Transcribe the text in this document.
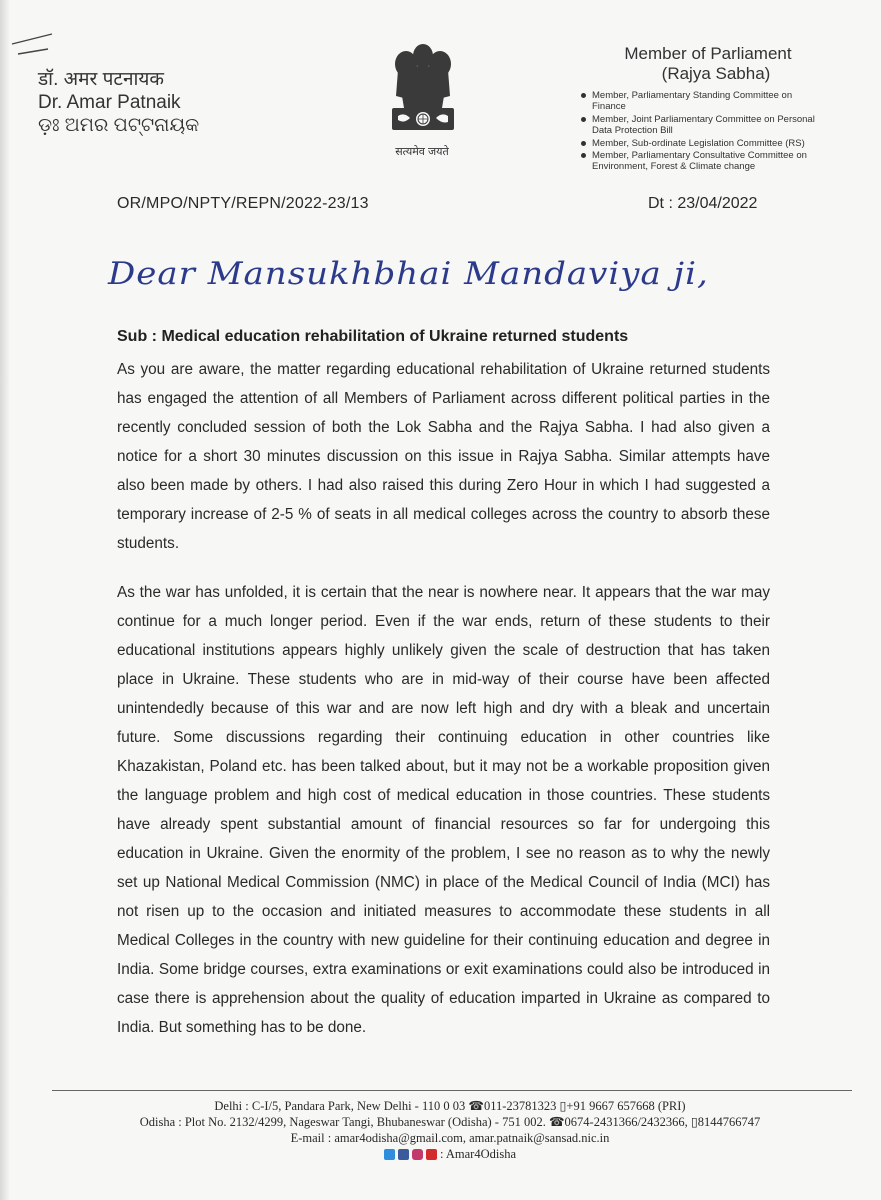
डॉ. अमर पटनायक
Dr. Amar Patnaik
ଡ଼ଃ ଅମର ପଟ୍ଟନାୟକ
सत्यमेव जयते
Member of Parliament
(Rajya Sabha)
Member, Parliamentary Standing Committee on Finance
Member, Joint Parliamentary Committee on Personal Data Protection Bill
Member, Sub-ordinate Legislation Committee (RS)
Member, Parliamentary Consultative Committee on Environment, Forest & Climate change
OR/MPO/NPTY/REPN/2022-23/13	Dt : 23/04/2022
Dear Mansukhbhai Mandaviya ji,
Sub : Medical education rehabilitation of Ukraine returned students
As you are aware, the matter regarding educational rehabilitation of Ukraine returned students has engaged the attention of all Members of Parliament across different political parties in the recently concluded session of both the Lok Sabha and the Rajya Sabha. I had also given a notice for a short 30 minutes discussion on this issue in Rajya Sabha. Similar attempts have also been made by others. I had also raised this during Zero Hour in which I had suggested a temporary increase of 2-5 % of seats in all medical colleges across the country to absorb these students.
As the war has unfolded, it is certain that the near is nowhere near. It appears that the war may continue for a much longer period. Even if the war ends, return of these students to their educational institutions appears highly unlikely given the scale of destruction that has taken place in Ukraine. These students who are in mid-way of their course have been affected unintendedly because of this war and are now left high and dry with a bleak and uncertain future. Some discussions regarding their continuing education in other countries like Khazakistan, Poland etc. has been talked about, but it may not be a workable proposition given the language problem and high cost of medical education in those countries. These students have already spent substantial amount of financial resources so far for undergoing this education in Ukraine. Given the enormity of the problem, I see no reason as to why the newly set up National Medical Commission (NMC) in place of the Medical Council of India (MCI) has not risen up to the occasion and initiated measures to accommodate these students in all Medical Colleges in the country with new guideline for their continuing education and degree in India. Some bridge courses, extra examinations or exit examinations could also be introduced in case there is apprehension about the quality of education imparted in Ukraine as compared to India. But something has to be done.
Delhi : C-I/5, Pandara Park, New Delhi - 110 0 03 ☎011-23781323 ▯+91 9667 657668 (PRI)
Odisha : Plot No. 2132/4299, Nageswar Tangi, Bhubaneswar (Odisha) - 751 002. ☎0674-2431366/2432366, ▯8144766747
E-mail : amar4odisha@gmail.com, amar.patnaik@sansad.nic.in
: Amar4Odisha
